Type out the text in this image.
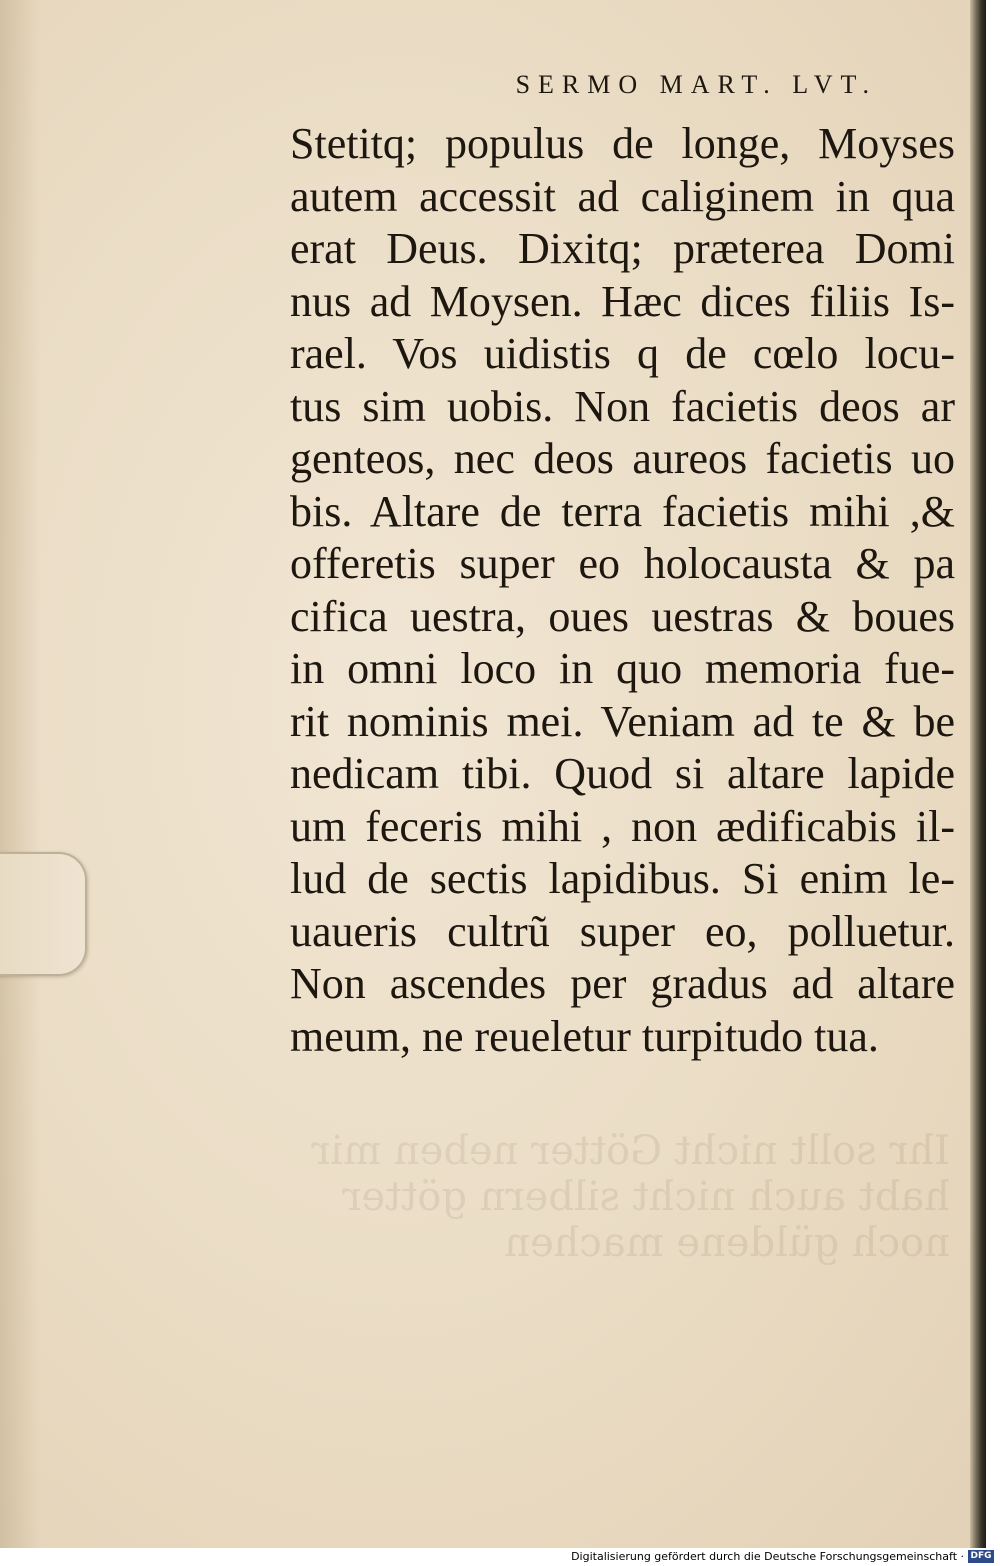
Ihr sollt nicht Götter neben mir
habt auch nicht silbern götter
noch güldene machen
SERMO MART. LVT.
Stetitq; populus de longe, Moyses
autem accessit ad caliginem in qua
erat Deus. Dixitq; præterea Domi
nus ad Moysen. Hæc dices filiis Is-
rael. Vos uidistis q de cœlo locu-
tus sim uobis. Non facietis deos ar
genteos, nec deos aureos facietis uo
bis. Altare de terra facietis mihi ,&
offeretis super eo holocausta & pa
cifica uestra, oues uestras & boues
in omni loco in quo memoria fue-
rit nominis mei. Veniam ad te & be
nedicam tibi. Quod si altare lapide
um feceris mihi , non ædificabis il-
lud de sectis lapidibus. Si enim le-
uaueris cultrũ super eo, polluetur.
Non ascendes per gradus ad altare
meum, ne reueletur turpitudo tua.
Digitalisierung gefördert durch die Deutsche Forschungsgemeinschaft · DFG
